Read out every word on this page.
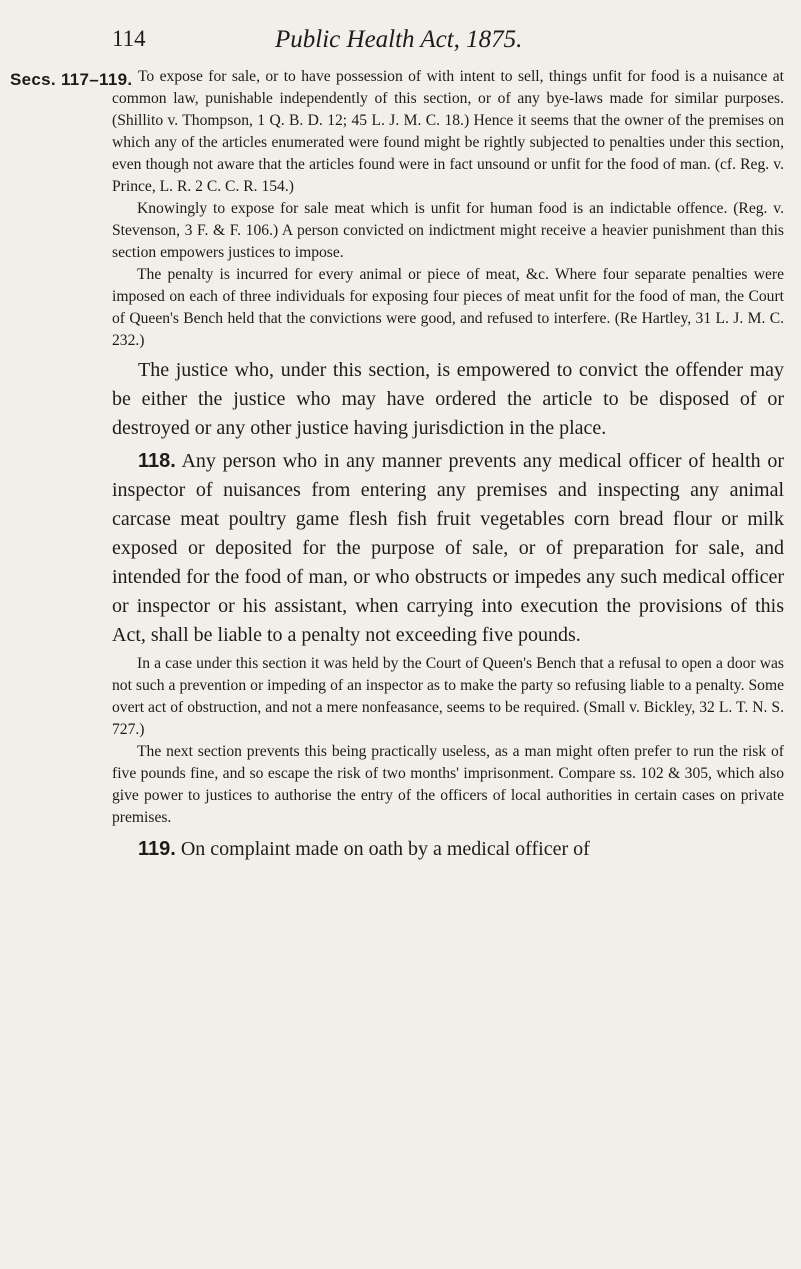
114	Public Health Act, 1875.
Secs. 117–119. To expose for sale, or to have possession of with intent to sell, things unfit for food is a nuisance at common law, punishable independently of this section, or of any bye-laws made for similar purposes. (Shillito v. Thompson, 1 Q. B. D. 12; 45 L. J. M. C. 18.) Hence it seems that the owner of the premises on which any of the articles enumerated were found might be rightly subjected to penalties under this section, even though not aware that the articles found were in fact unsound or unfit for the food of man. (cf. Reg. v. Prince, L. R. 2 C. C. R. 154.)

Knowingly to expose for sale meat which is unfit for human food is an indictable offence. (Reg. v. Stevenson, 3 F. & F. 106.) A person convicted on indictment might receive a heavier punishment than this section empowers justices to impose.

The penalty is incurred for every animal or piece of meat, &c. Where four separate penalties were imposed on each of three individuals for exposing four pieces of meat unfit for the food of man, the Court of Queen's Bench held that the convictions were good, and refused to interfere. (Re Hartley, 31 L. J. M. C. 232.)

The justice who, under this section, is empowered to convict the offender may be either the justice who may have ordered the article to be disposed of or destroyed or any other justice having jurisdiction in the place.

118. Any person who in any manner prevents any medical officer of health or inspector of nuisances from entering any premises and inspecting any animal carcase meat poultry game flesh fish fruit vegetables corn bread flour or milk exposed or deposited for the purpose of sale, or of preparation for sale, and intended for the food of man, or who obstructs or impedes any such medical officer or inspector or his assistant, when carrying into execution the provisions of this Act, shall be liable to a penalty not exceeding five pounds.

In a case under this section it was held by the Court of Queen's Bench that a refusal to open a door was not such a prevention or impeding of an inspector as to make the party so refusing liable to a penalty. Some overt act of obstruction, and not a mere nonfeasance, seems to be required. (Small v. Bickley, 32 L. T. N. S. 727.)

The next section prevents this being practically useless, as a man might often prefer to run the risk of five pounds fine, and so escape the risk of two months' imprisonment. Compare ss. 102 & 305, which also give power to justices to authorise the entry of the officers of local authorities in certain cases on private premises.

119. On complaint made on oath by a medical officer of
